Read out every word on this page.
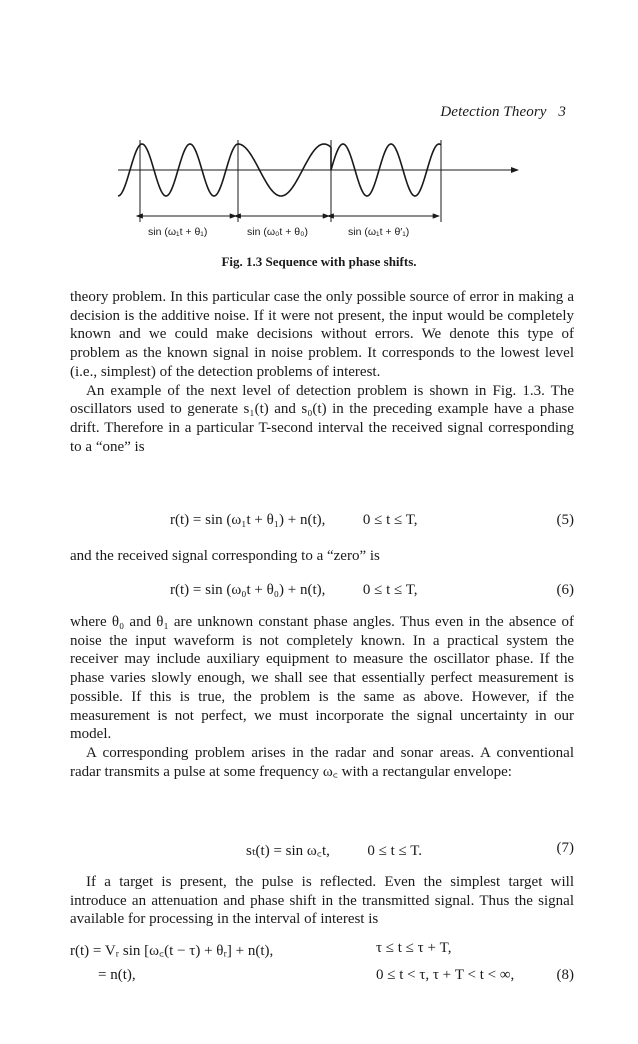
Detection Theory 3
sin (ω₁t + θ₁)	sin (ω₀t + θ₀)	sin (ω₁t + θ′₁)
Fig. 1.3 Sequence with phase shifts.

theory problem. In this particular case the only possible source of error in making a decision is the additive noise. If it were not present, the input would be completely known and we could make decisions without errors. We denote this type of problem as the known signal in noise problem. It corresponds to the lowest level (i.e., simplest) of the detection problems of interest.

An example of the next level of detection problem is shown in Fig. 1.3. The oscillators used to generate s₁(t) and s₀(t) in the preceding example have a phase drift. Therefore in a particular T-second interval the received signal corresponding to a “one” is

r(t) = sin (ω₁t + θ₁) + n(t),	0 ≤ t ≤ T,	(5)

and the received signal corresponding to a “zero” is

r(t) = sin (ω₀t + θ₀) + n(t),	0 ≤ t ≤ T,	(6)

where θ₀ and θ₁ are unknown constant phase angles. Thus even in the absence of noise the input waveform is not completely known. In a practical system the receiver may include auxiliary equipment to measure the oscillator phase. If the phase varies slowly enough, we shall see that essentially perfect measurement is possible. If this is true, the problem is the same as above. However, if the measurement is not perfect, we must incorporate the signal uncertainty in our model.

A corresponding problem arises in the radar and sonar areas. A conventional radar transmits a pulse at some frequency ω꜀ with a rectangular envelope:

sₜ(t) = sin ω꜀t,	0 ≤ t ≤ T.	(7)

If a target is present, the pulse is reflected. Even the simplest target will introduce an attenuation and phase shift in the transmitted signal. Thus the signal available for processing in the interval of interest is

r(t) = Vᵣ sin [ω꜀(t − τ) + θᵣ] + n(t),	τ ≤ t ≤ τ + T,
= n(t),	0 ≤ t < τ, τ + T < t < ∞,	(8)
